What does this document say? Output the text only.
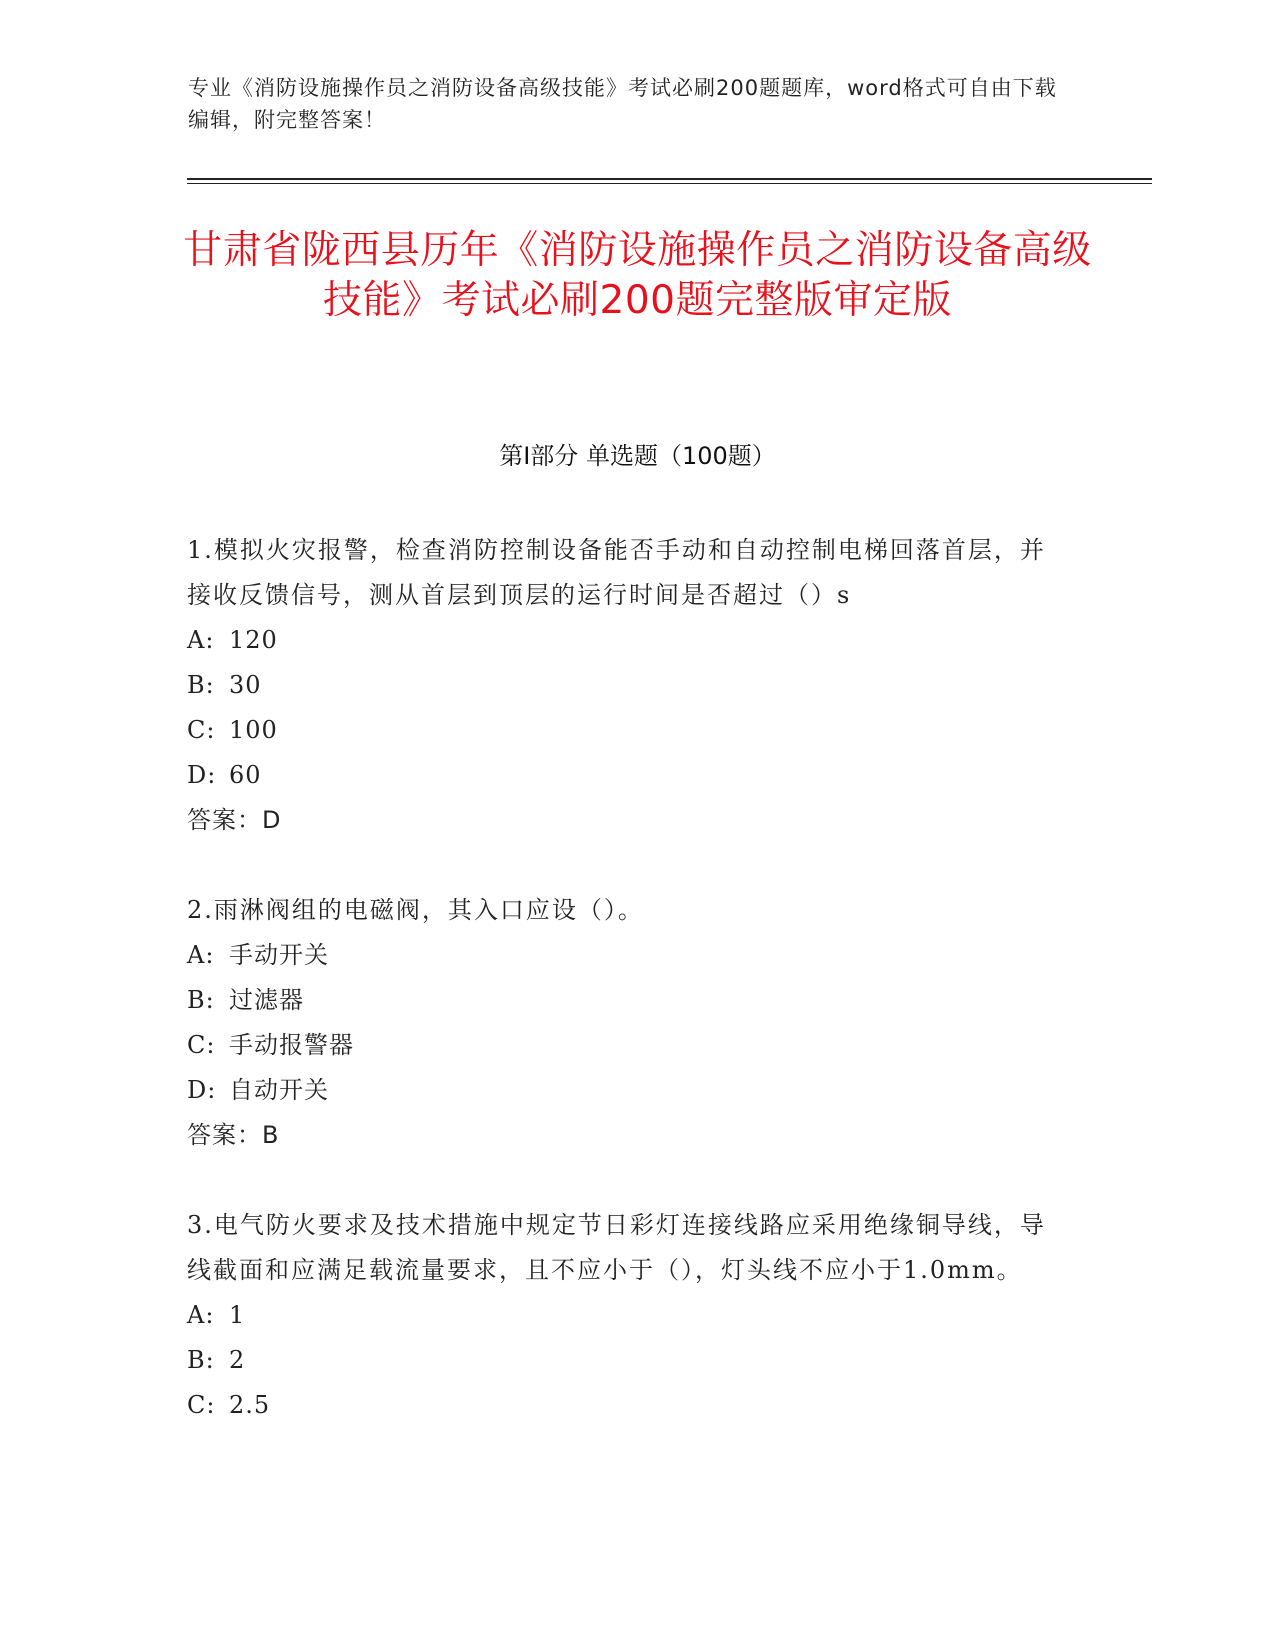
专业《消防设施操作员之消防设备高级技能》考试必刷200题题库，word格式可自由下载编辑，附完整答案！
甘肃省陇西县历年《消防设施操作员之消防设备高级技能》考试必刷200题完整版审定版
第Ⅰ部分 单选题（100题）
1.模拟火灾报警，检查消防控制设备能否手动和自动控制电梯回落首层，并接收反馈信号，测从首层到顶层的运行时间是否超过（）s
A: 120
B: 30
C: 100
D: 60
答案：D
2.雨淋阀组的电磁阀，其入口应设（）。
A: 手动开关
B: 过滤器
C: 手动报警器
D: 自动开关
答案：B
3.电气防火要求及技术措施中规定节日彩灯连接线路应采用绝缘铜导线，导线截面和应满足载流量要求，且不应小于（），灯头线不应小于1.0mm。
A: 1
B: 2
C: 2.5
